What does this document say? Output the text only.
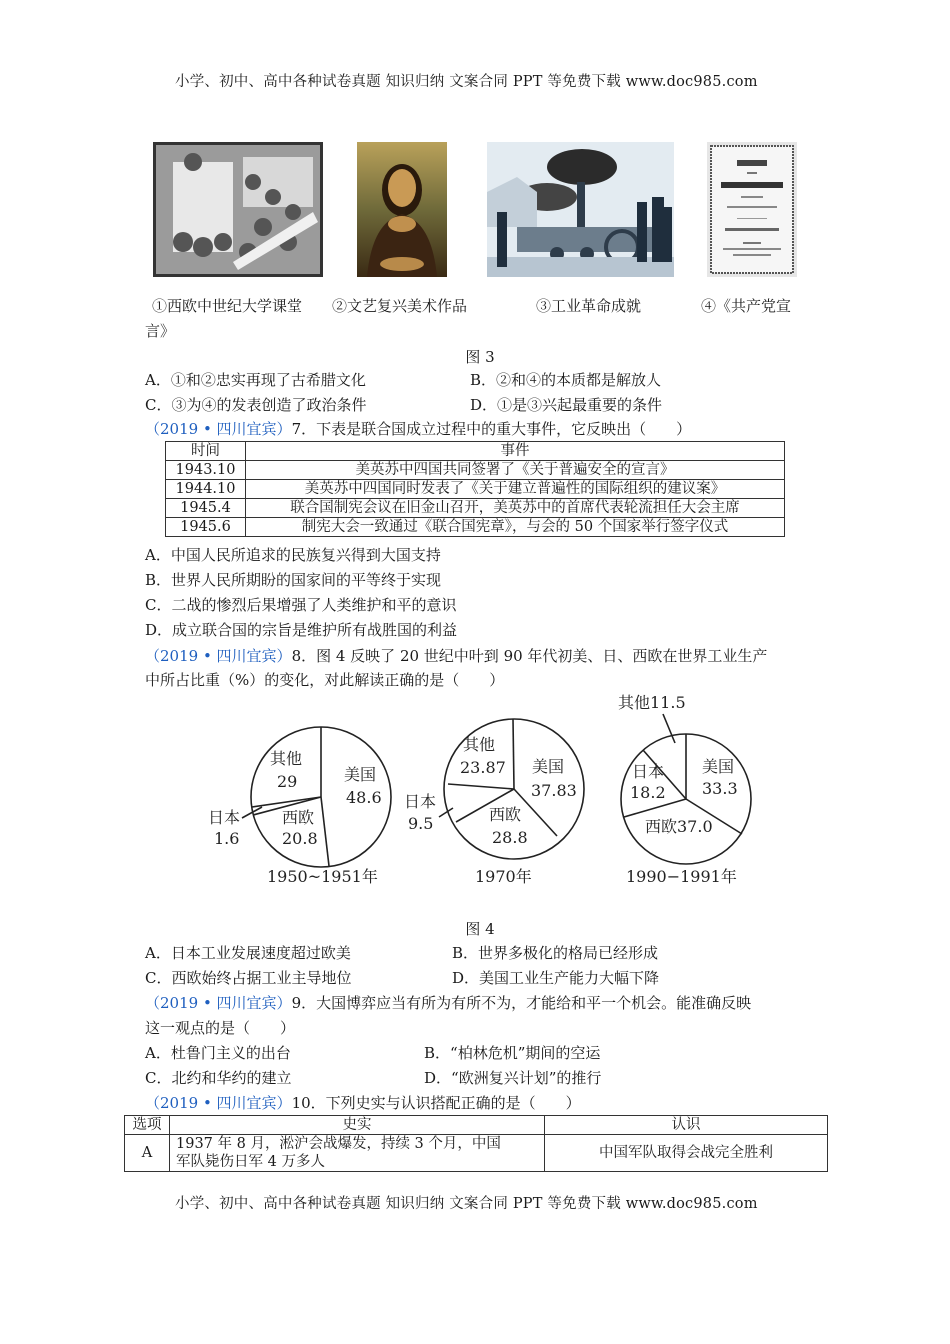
小学、初中、高中各种试卷真题 知识归纳 文案合同 PPT 等免费下载 www.doc985.com
①西欧中世纪大学课堂 ②文艺复兴美术作品	③工业革命成就	④《共产党宣
言》
图 3
A．①和②忠实再现了古希腊文化	B．②和④的本质都是解放人
C．③为④的发表创造了政治条件	D．①是③兴起最重要的条件
（2019 • 四川宜宾）7．下表是联合国成立过程中的重大事件，它反映出（　　）
时间	事件
1943.10	美英苏中四国共同签署了《关于普遍安全的宣言》
1944.10	美英苏中四国同时发表了《关于建立普遍性的国际组织的建议案》
1945.4	联合国制宪会议在旧金山召开，美英苏中的首席代表轮流担任大会主席
1945.6	制宪大会一致通过《联合国宪章》，与会的 50 个国家举行签字仪式
A．中国人民所追求的民族复兴得到大国支持
B．世界人民所期盼的国家间的平等终于实现
C．二战的惨烈后果增强了人类维护和平的意识
D．成立联合国的宗旨是维护所有战胜国的利益
（2019 • 四川宜宾）8．图 4 反映了 20 世纪中叶到 90 年代初美、日、西欧在世界工业生产
中所占比重（%）的变化，对此解读正确的是（　　）
美国
48.6
其他
29
西欧
20.8
日本
1.6
1950~1951年
美国
37.83
其他
23.87
西欧
28.8
日本
9.5
1970年
美国
33.3
日本
18.2
西欧37.0
其他11.5
1990−1991年
图 4
A．日本工业发展速度超过欧美	B．世界多极化的格局已经形成
C．西欧始终占据工业主导地位	D．美国工业生产能力大幅下降
（2019 • 四川宜宾）9．大国博弈应当有所为有所不为，才能给和平一个机会。能准确反映
这一观点的是（　　）
A．杜鲁门主义的出台	B．“柏林危机”期间的空运
C．北约和华约的建立	D．“欧洲复兴计划”的推行
（2019 • 四川宜宾）10．下列史实与认识搭配正确的是（　　）
选项	史实	认识
A	1937 年 8 月，淞沪会战爆发，持续 3 个月，中国
军队毙伤日军 4 万多人	中国军队取得会战完全胜利
小学、初中、高中各种试卷真题 知识归纳 文案合同 PPT 等免费下载 www.doc985.com
